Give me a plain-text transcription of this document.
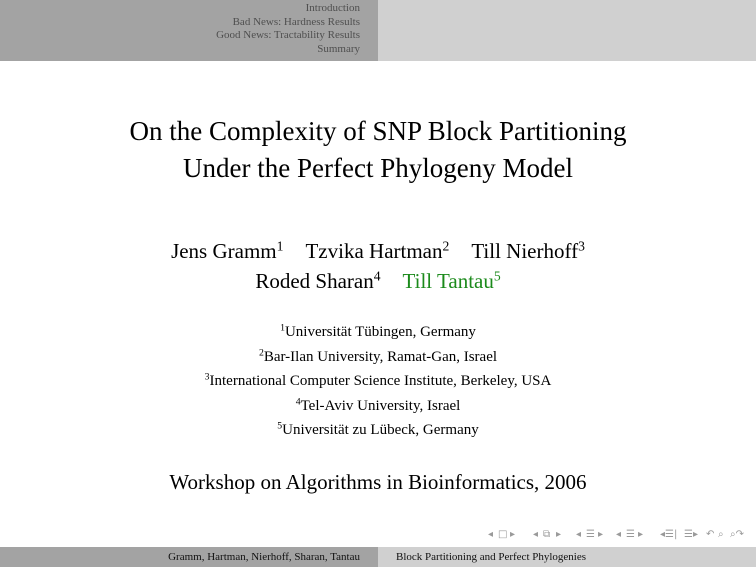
Introduction
Bad News: Hardness Results
Good News: Tractability Results
Summary
On the Complexity of SNP Block Partitioning
Under the Perfect Phylogeny Model
Jens Gramm$^1$ Tzvika Hartman$^2$ Till Nierhoff$^3$
Roded Sharan$^4$ Till Tantau$^5$
$^1$Universität Tübingen, Germany
$^2$Bar-Ilan University, Ramat-Gan, Israel
$^3$International Computer Science Institute, Berkeley, USA
$^4$Tel-Aviv University, Israel
$^5$Universität zu Lübeck, Germany
Workshop on Algorithms in Bioinformatics, 2006
◂ □ ▸ ◂ ⧉ ▸ ◂ ☰ ▸ ◂ ☰ ▸ ◂☰| ☰▸ ↶ ⌕ ⌕↷
Gramm, Hartman, Nierhoff, Sharan, Tantau	Block Partitioning and Perfect Phylogenies
